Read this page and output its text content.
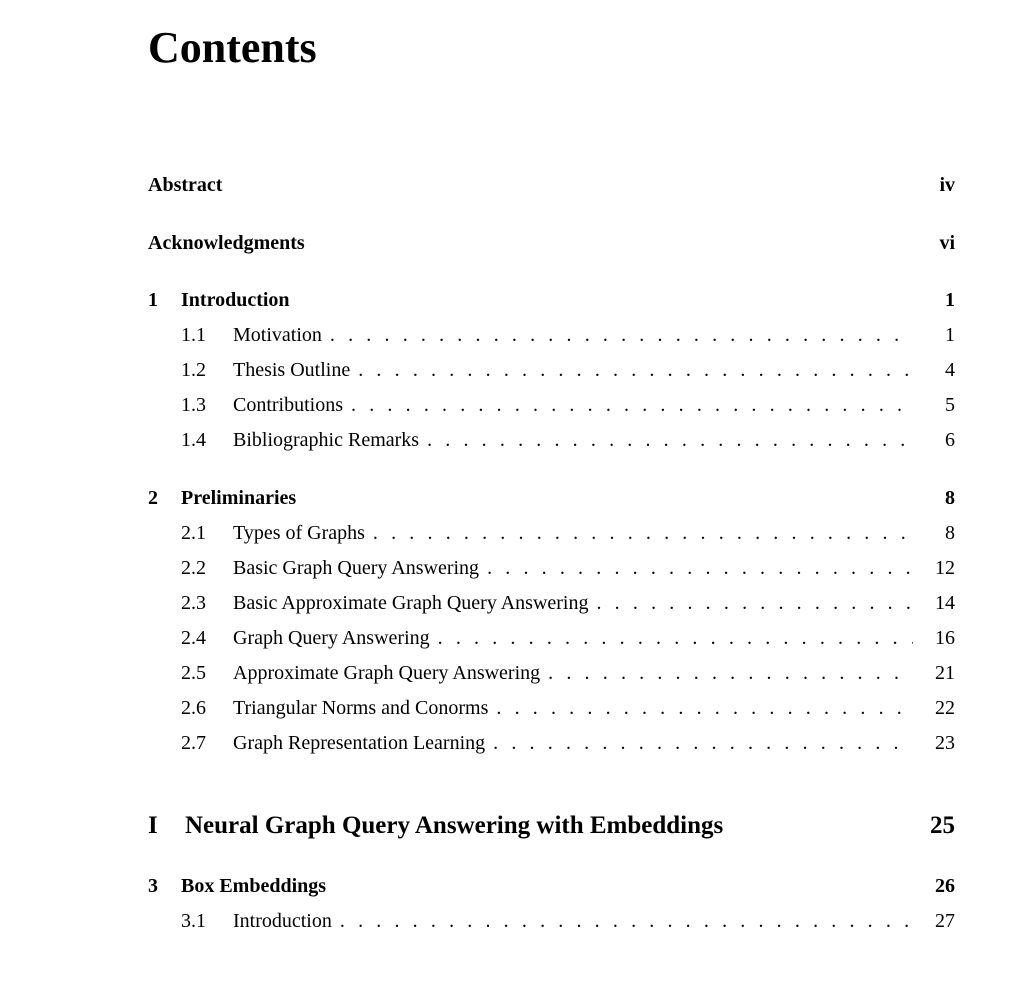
Contents
Abstract	iv
Acknowledgments	vi
1	Introduction	1
1.1	Motivation . . .	1
1.2	Thesis Outline . . .	4
1.3	Contributions . . .	5
1.4	Bibliographic Remarks . . .	6
2	Preliminaries	8
2.1	Types of Graphs . . .	8
2.2	Basic Graph Query Answering . . .	12
2.3	Basic Approximate Graph Query Answering . . .	14
2.4	Graph Query Answering . . .	16
2.5	Approximate Graph Query Answering . . .	21
2.6	Triangular Norms and Conorms . . .	22
2.7	Graph Representation Learning . . .	23
I	Neural Graph Query Answering with Embeddings	25
3	Box Embeddings	26
3.1	Introduction . . .	27
